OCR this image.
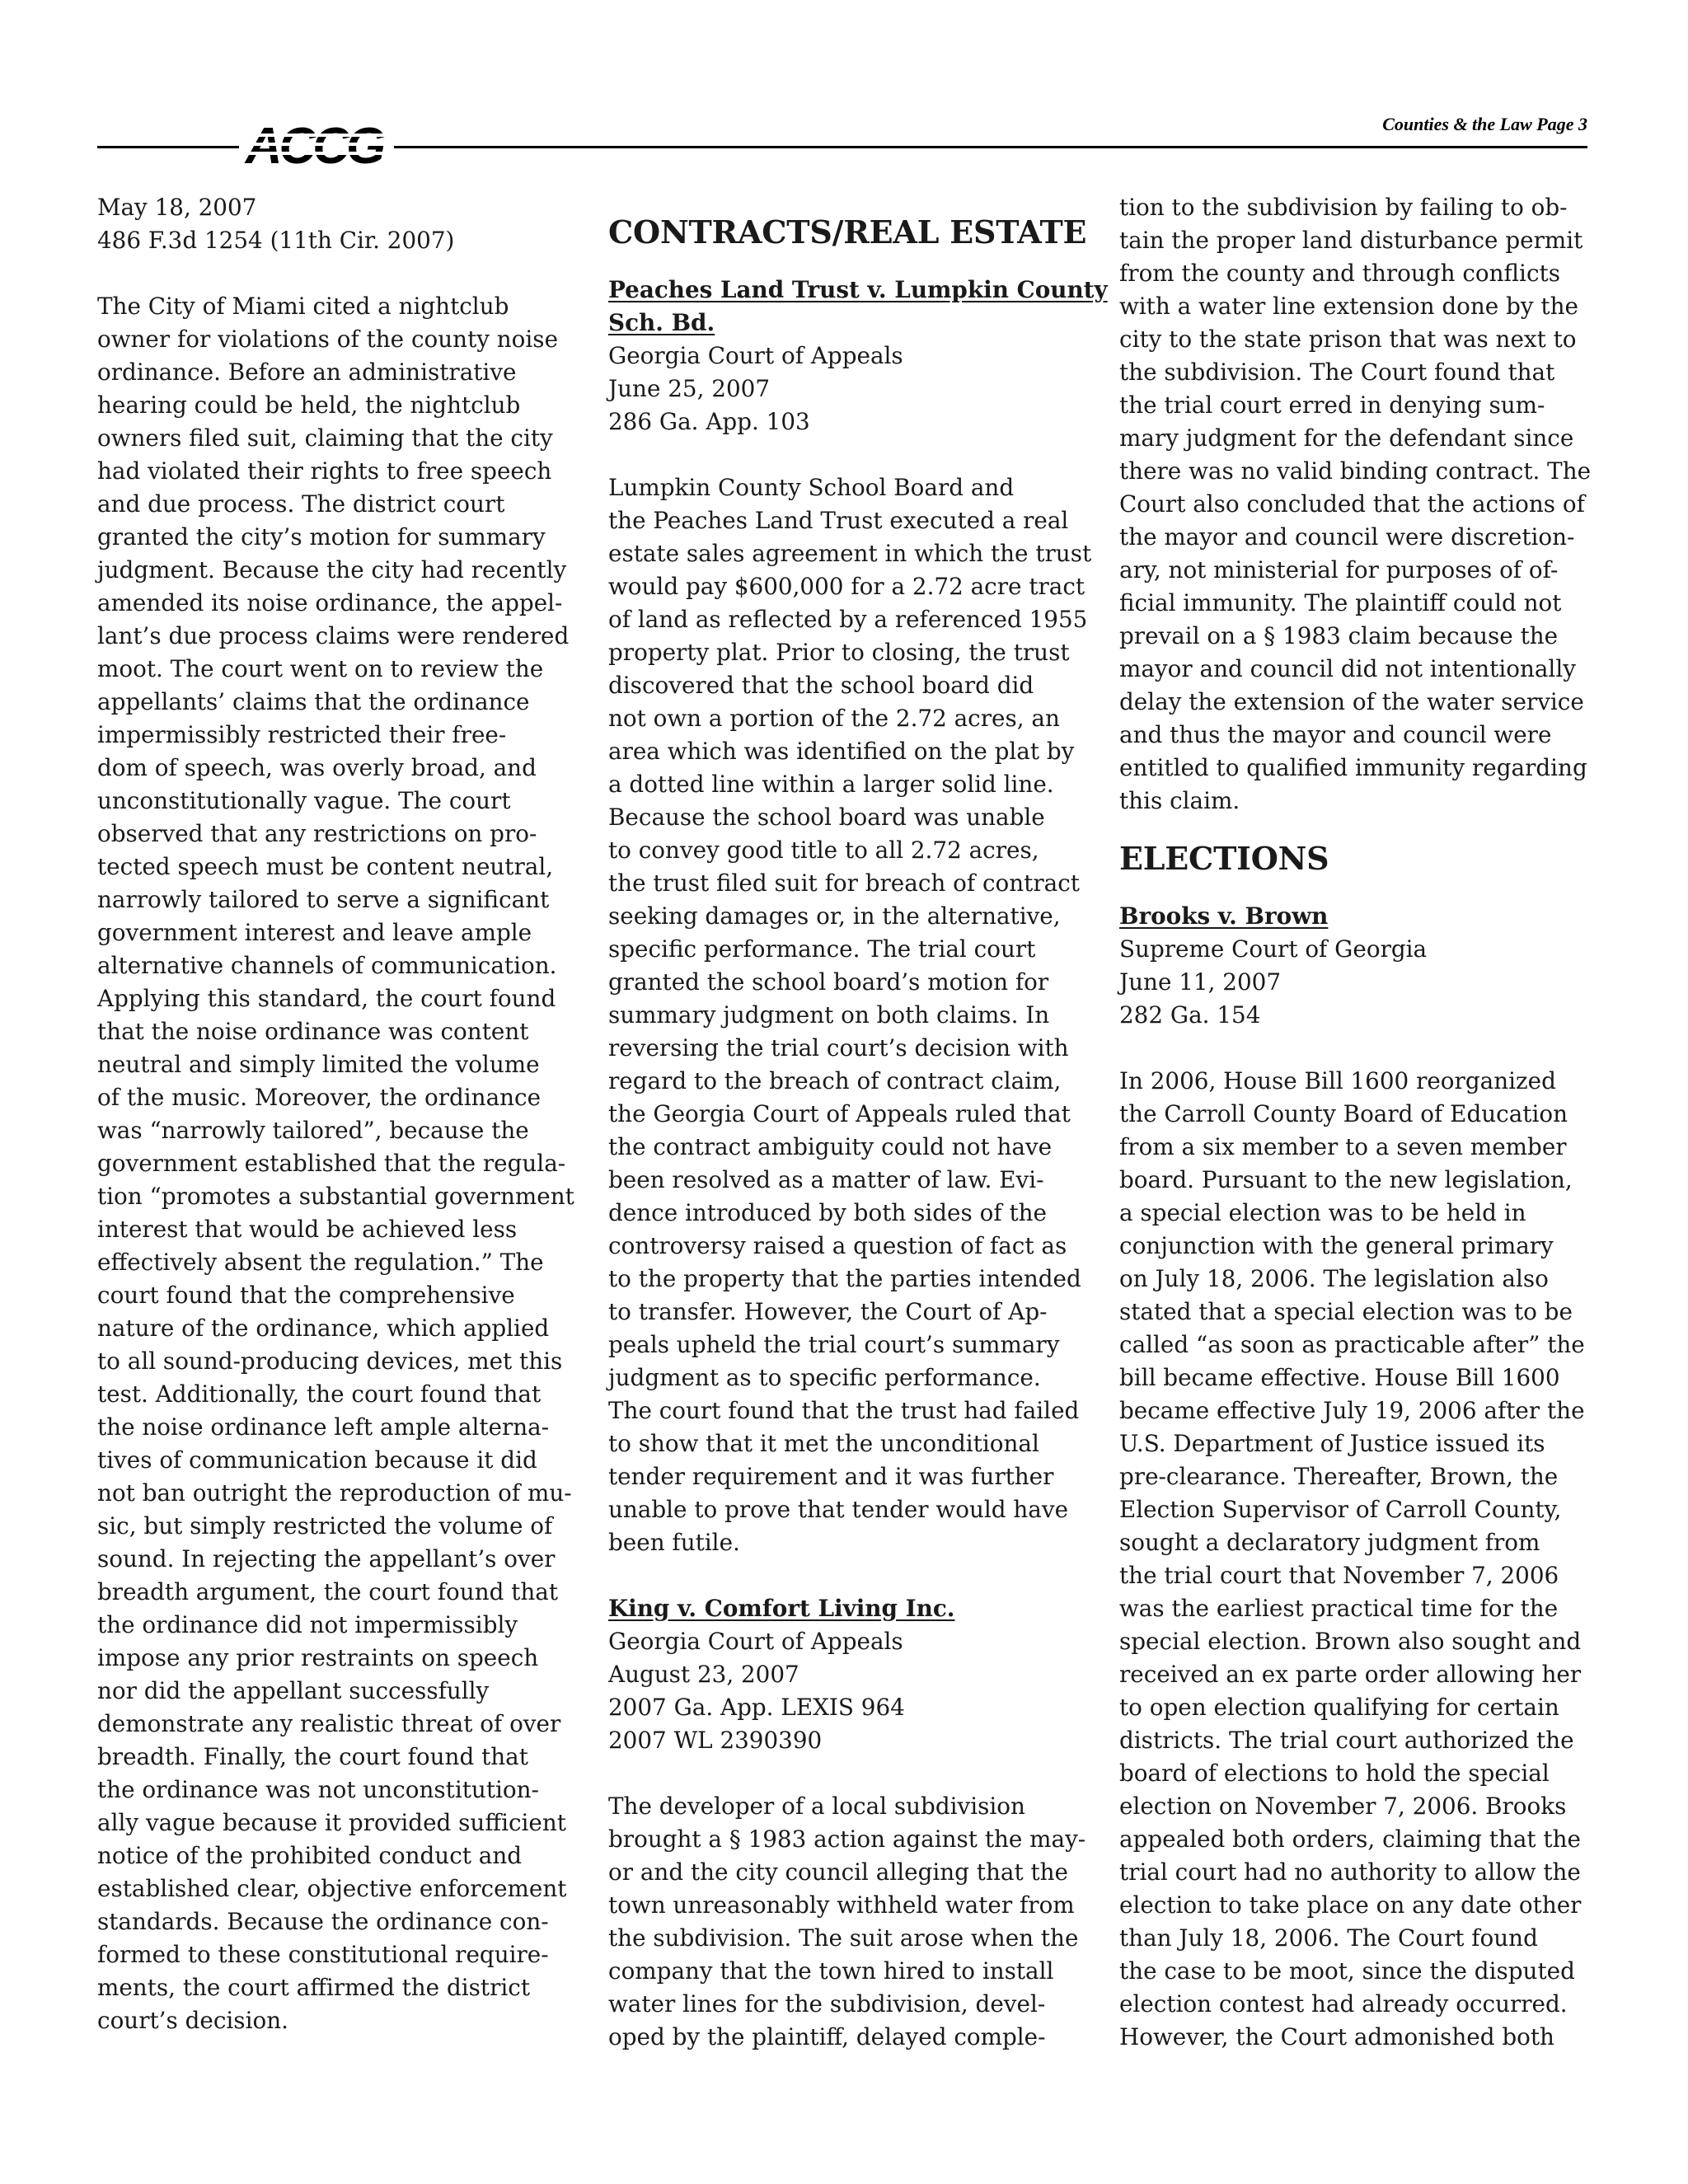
Counties & the Law Page 3
May 18, 2007
486 F.3d 1254 (11th Cir. 2007)
The City of Miami cited a nightclub
owner for violations of the county noise
ordinance. Before an administrative
hearing could be held, the nightclub
owners filed suit, claiming that the city
had violated their rights to free speech
and due process. The district court
granted the city’s motion for summary
judgment. Because the city had recently
amended its noise ordinance, the appel-
lant’s due process claims were rendered
moot. The court went on to review the
appellants’ claims that the ordinance
impermissibly restricted their free-
dom of speech, was overly broad, and
unconstitutionally vague. The court
observed that any restrictions on pro-
tected speech must be content neutral,
narrowly tailored to serve a significant
government interest and leave ample
alternative channels of communication.
Applying this standard, the court found
that the noise ordinance was content
neutral and simply limited the volume
of the music. Moreover, the ordinance
was “narrowly tailored”, because the
government established that the regula-
tion “promotes a substantial government
interest that would be achieved less
effectively absent the regulation.” The
court found that the comprehensive
nature of the ordinance, which applied
to all sound-producing devices, met this
test. Additionally, the court found that
the noise ordinance left ample alterna-
tives of communication because it did
not ban outright the reproduction of mu-
sic, but simply restricted the volume of
sound. In rejecting the appellant’s over
breadth argument, the court found that
the ordinance did not impermissibly
impose any prior restraints on speech
nor did the appellant successfully
demonstrate any realistic threat of over
breadth. Finally, the court found that
the ordinance was not unconstitution-
ally vague because it provided sufficient
notice of the prohibited conduct and
established clear, objective enforcement
standards. Because the ordinance con-
formed to these constitutional require-
ments, the court affirmed the district
court’s decision.
CONTRACTS/REAL ESTATE
Peaches Land Trust v. Lumpkin County
Sch. Bd.
Georgia Court of Appeals
June 25, 2007
286 Ga. App. 103
Lumpkin County School Board and
the Peaches Land Trust executed a real
estate sales agreement in which the trust
would pay $600,000 for a 2.72 acre tract
of land as reflected by a referenced 1955
property plat. Prior to closing, the trust
discovered that the school board did
not own a portion of the 2.72 acres, an
area which was identified on the plat by
a dotted line within a larger solid line.
Because the school board was unable
to convey good title to all 2.72 acres,
the trust filed suit for breach of contract
seeking damages or, in the alternative,
specific performance. The trial court
granted the school board’s motion for
summary judgment on both claims. In
reversing the trial court’s decision with
regard to the breach of contract claim,
the Georgia Court of Appeals ruled that
the contract ambiguity could not have
been resolved as a matter of law. Evi-
dence introduced by both sides of the
controversy raised a question of fact as
to the property that the parties intended
to transfer. However, the Court of Ap-
peals upheld the trial court’s summary
judgment as to specific performance.
The court found that the trust had failed
to show that it met the unconditional
tender requirement and it was further
unable to prove that tender would have
been futile.
King v. Comfort Living Inc.
Georgia Court of Appeals
August 23, 2007
2007 Ga. App. LEXIS 964
2007 WL 2390390
The developer of a local subdivision
brought a § 1983 action against the may-
or and the city council alleging that the
town unreasonably withheld water from
the subdivision. The suit arose when the
company that the town hired to install
water lines for the subdivision, devel-
oped by the plaintiff, delayed comple-
tion to the subdivision by failing to ob-
tain the proper land disturbance permit
from the county and through conflicts
with a water line extension done by the
city to the state prison that was next to
the subdivision. The Court found that
the trial court erred in denying sum-
mary judgment for the defendant since
there was no valid binding contract. The
Court also concluded that the actions of
the mayor and council were discretion-
ary, not ministerial for purposes of of-
ficial immunity. The plaintiff could not
prevail on a § 1983 claim because the
mayor and council did not intentionally
delay the extension of the water service
and thus the mayor and council were
entitled to qualified immunity regarding
this claim.
ELECTIONS
Brooks v. Brown
Supreme Court of Georgia
June 11, 2007
282 Ga. 154
In 2006, House Bill 1600 reorganized
the Carroll County Board of Education
from a six member to a seven member
board. Pursuant to the new legislation,
a special election was to be held in
conjunction with the general primary
on July 18, 2006. The legislation also
stated that a special election was to be
called “as soon as practicable after” the
bill became effective. House Bill 1600
became effective July 19, 2006 after the
U.S. Department of Justice issued its
pre-clearance. Thereafter, Brown, the
Election Supervisor of Carroll County,
sought a declaratory judgment from
the trial court that November 7, 2006
was the earliest practical time for the
special election. Brown also sought and
received an ex parte order allowing her
to open election qualifying for certain
districts. The trial court authorized the
board of elections to hold the special
election on November 7, 2006. Brooks
appealed both orders, claiming that the
trial court had no authority to allow the
election to take place on any date other
than July 18, 2006. The Court found
the case to be moot, since the disputed
election contest had already occurred.
However, the Court admonished both
